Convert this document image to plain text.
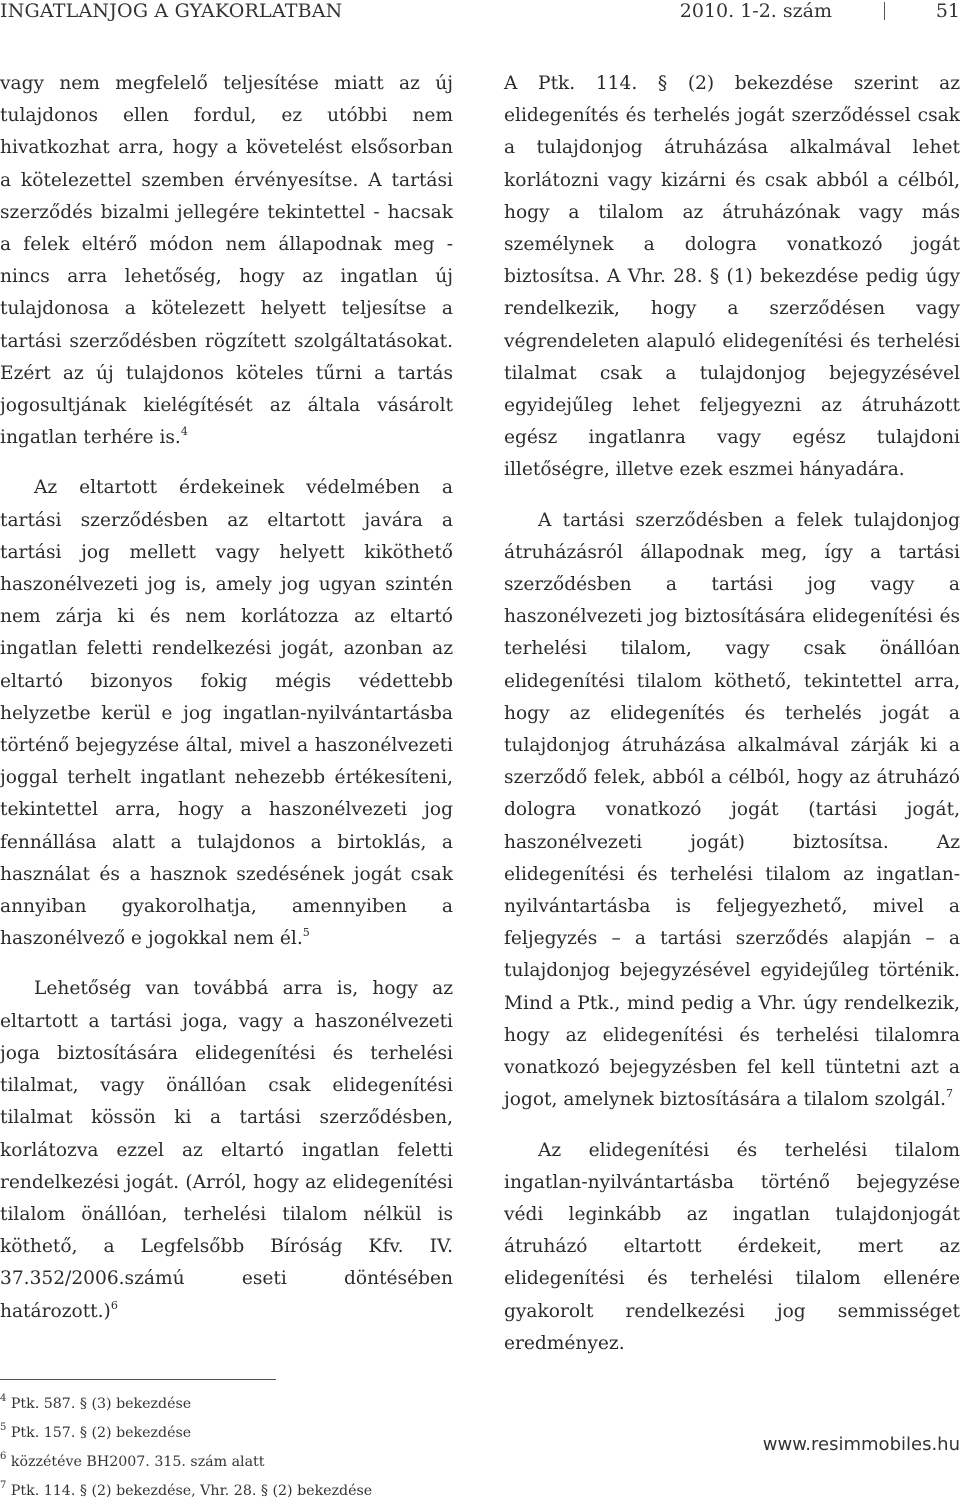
INGATLANJOG A GYAKORLATBAN	2010. 1-2. szám	51

vagy nem megfelelő teljesítése miatt az új tulajdonos ellen fordul, ez utóbbi nem hivatkozhat arra, hogy a követelést elsősorban a kötelezettel szemben érvényesítse. A tartási szerződés bizalmi jellegére tekintettel - hacsak a felek eltérő módon nem állapodnak meg - nincs arra lehetőség, hogy az ingatlan új tulajdonosa a kötelezett helyett teljesítse a tartási szerződésben rögzített szolgáltatásokat. Ezért az új tulajdonos köteles tűrni a tartás jogosultjának kielégítését az általa vásárolt ingatlan terhére is.$^4$

Az eltartott érdekeinek védelmében a tartási szerződésben az eltartott javára a tartási jog mellett vagy helyett kiköthető haszonélvezeti jog is, amely jog ugyan szintén nem zárja ki és nem korlátozza az eltartó ingatlan feletti rendelkezési jogát, azonban az eltartó bizonyos fokig mégis védettebb helyzetbe kerül e jog ingatlan-nyilvántartásba történő bejegyzése által, mivel a haszonélvezeti joggal terhelt ingatlant nehezebb értékesíteni, tekintettel arra, hogy a haszonélvezeti jog fennállása alatt a tulajdonos a birtoklás, a használat és a hasznok szedésének jogát csak annyiban gyakorolhatja, amennyiben a haszonélvező e jogokkal nem él.$^5$

Lehetőség van továbbá arra is, hogy az eltartott a tartási joga, vagy a haszonélvezeti joga biztosítására elidegenítési és terhelési tilalmat, vagy önállóan csak elidegenítési tilalmat kössön ki a tartási szerződésben, korlátozva ezzel az eltartó ingatlan feletti rendelkezési jogát. (Arról, hogy az elidegenítési tilalom önállóan, terhelési tilalom nélkül is köthető, a Legfelsőbb Bíróság Kfv. IV. 37.352/2006.számú eseti döntésében határozott.)$^6$

A Ptk. 114. § (2) bekezdése szerint az elidegenítés és terhelés jogát szerződéssel csak a tulajdonjog átruházása alkalmával lehet korlátozni vagy kizárni és csak abból a célból, hogy a tilalom az átruházónak vagy más személynek a dologra vonatkozó jogát biztosítsa. A Vhr. 28. § (1) bekezdése pedig úgy rendelkezik, hogy a szerződésen vagy végrendeleten alapuló elidegenítési és terhelési tilalmat csak a tulajdonjog bejegyzésével egyidejűleg lehet feljegyezni az átruházott egész ingatlanra vagy egész tulajdoni illetőségre, illetve ezek eszmei hányadára.

A tartási szerződésben a felek tulajdonjog átruházásról állapodnak meg, így a tartási szerződésben a tartási jog vagy a haszonélvezeti jog biztosítására elidegenítési és terhelési tilalom, vagy csak önállóan elidegenítési tilalom köthető, tekintettel arra, hogy az elidegenítés és terhelés jogát a tulajdonjog átruházása alkalmával zárják ki a szerződő felek, abból a célból, hogy az átruházó dologra vonatkozó jogát (tartási jogát, haszonélvezeti jogát) biztosítsa. Az elidegenítési és terhelési tilalom az ingatlan-nyilvántartásba is feljegyezhető, mivel a feljegyzés – a tartási szerződés alapján – a tulajdonjog bejegyzésével egyidejűleg történik. Mind a Ptk., mind pedig a Vhr. úgy rendelkezik, hogy az elidegenítési és terhelési tilalomra vonatkozó bejegyzésben fel kell tüntetni azt a jogot, amelynek biztosítására a tilalom szolgál.$^7$

Az elidegenítési és terhelési tilalom ingatlan-nyilvántartásba történő bejegyzése védi leginkább az ingatlan tulajdonjogát átruházó eltartott érdekeit, mert az elidegenítési és terhelési tilalom ellenére gyakorolt rendelkezési jog semmisséget eredményez.

$^4$ Ptk. 587. § (3) bekezdése
$^5$ Ptk. 157. § (2) bekezdése
$^6$ közzétéve BH2007. 315. szám alatt
$^7$ Ptk. 114. § (2) bekezdése, Vhr. 28. § (2) bekezdése
www.resimmobiles.hu
